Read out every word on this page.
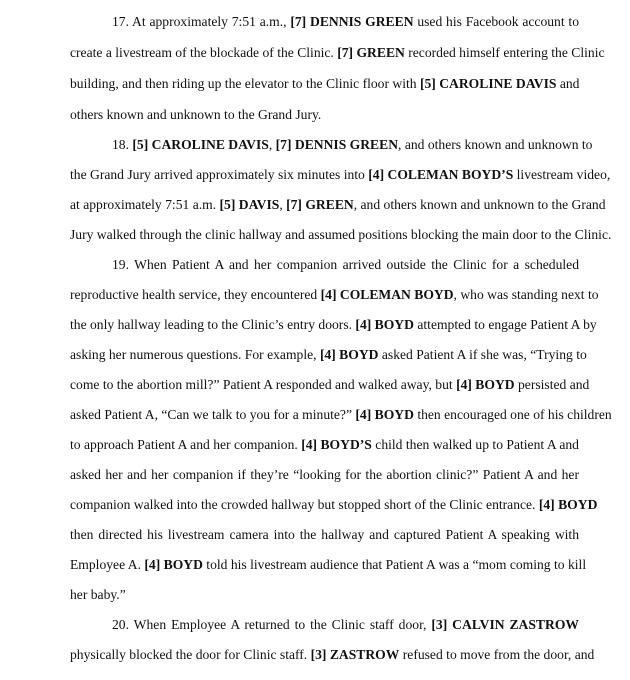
17. At approximately 7:51 a.m., [7] DENNIS GREEN used his Facebook account to
create a livestream of the blockade of the Clinic. [7] GREEN recorded himself entering the Clinic
building, and then riding up the elevator to the Clinic floor with [5] CAROLINE DAVIS and
others known and unknown to the Grand Jury.
18. [5] CAROLINE DAVIS, [7] DENNIS GREEN, and others known and unknown to
the Grand Jury arrived approximately six minutes into [4] COLEMAN BOYD’S livestream video,
at approximately 7:51 a.m. [5] DAVIS, [7] GREEN, and others known and unknown to the Grand
Jury walked through the clinic hallway and assumed positions blocking the main door to the Clinic.
19. When Patient A and her companion arrived outside the Clinic for a scheduled
reproductive health service, they encountered [4] COLEMAN BOYD, who was standing next to
the only hallway leading to the Clinic’s entry doors. [4] BOYD attempted to engage Patient A by
asking her numerous questions. For example, [4] BOYD asked Patient A if she was, “Trying to
come to the abortion mill?” Patient A responded and walked away, but [4] BOYD persisted and
asked Patient A, “Can we talk to you for a minute?” [4] BOYD then encouraged one of his children
to approach Patient A and her companion. [4] BOYD’S child then walked up to Patient A and
asked her and her companion if they’re “looking for the abortion clinic?” Patient A and her
companion walked into the crowded hallway but stopped short of the Clinic entrance. [4] BOYD
then directed his livestream camera into the hallway and captured Patient A speaking with
Employee A. [4] BOYD told his livestream audience that Patient A was a “mom coming to kill
her baby.”
20. When Employee A returned to the Clinic staff door, [3] CALVIN ZASTROW
physically blocked the door for Clinic staff. [3] ZASTROW refused to move from the door, and
